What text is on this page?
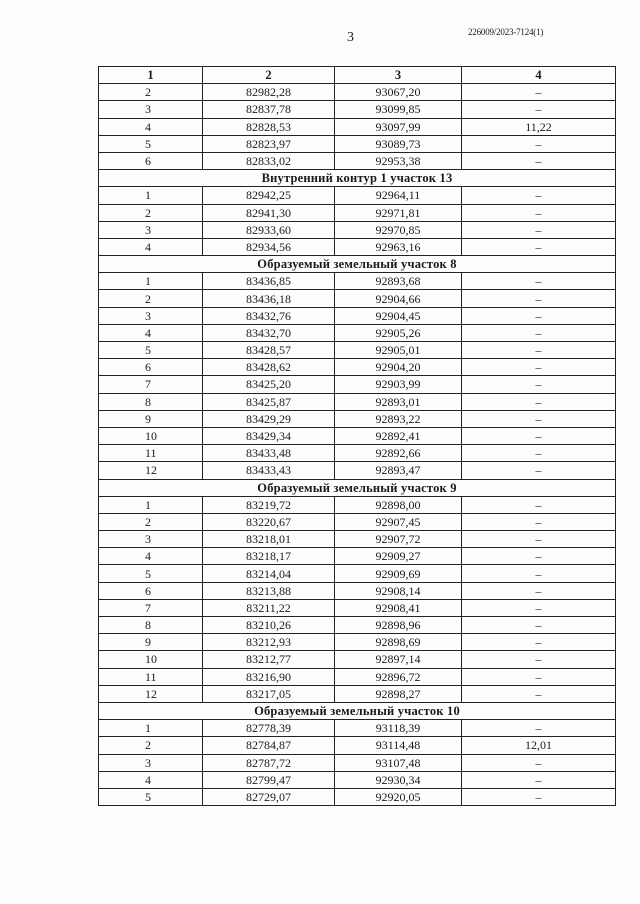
3	226009/2023-7124(1)
1	2	3	4
2	82982,28	93067,20	–
3	82837,78	93099,85	–
4	82828,53	93097,99	11,22
5	82823,97	93089,73	–
6	82833,02	92953,38	–
Внутренний контур 1 участок 13			
1	82942,25	92964,11	–
2	82941,30	92971,81	–
3	82933,60	92970,85	–
4	82934,56	92963,16	–
Образуемый земельный участок 8			
1	83436,85	92893,68	–
2	83436,18	92904,66	–
3	83432,76	92904,45	–
4	83432,70	92905,26	–
5	83428,57	92905,01	–
6	83428,62	92904,20	–
7	83425,20	92903,99	–
8	83425,87	92893,01	–
9	83429,29	92893,22	–
10	83429,34	92892,41	–
11	83433,48	92892,66	–
12	83433,43	92893,47	–
Образуемый земельный участок 9			
1	83219,72	92898,00	–
2	83220,67	92907,45	–
3	83218,01	92907,72	–
4	83218,17	92909,27	–
5	83214,04	92909,69	–
6	83213,88	92908,14	–
7	83211,22	92908,41	–
8	83210,26	92898,96	–
9	83212,93	92898,69	–
10	83212,77	92897,14	–
11	83216,90	92896,72	–
12	83217,05	92898,27	–
Образуемый земельный участок 10			
1	82778,39	93118,39	–
2	82784,87	93114,48	12,01
3	82787,72	93107,48	–
4	82799,47	92930,34	–
5	82729,07	92920,05	–
